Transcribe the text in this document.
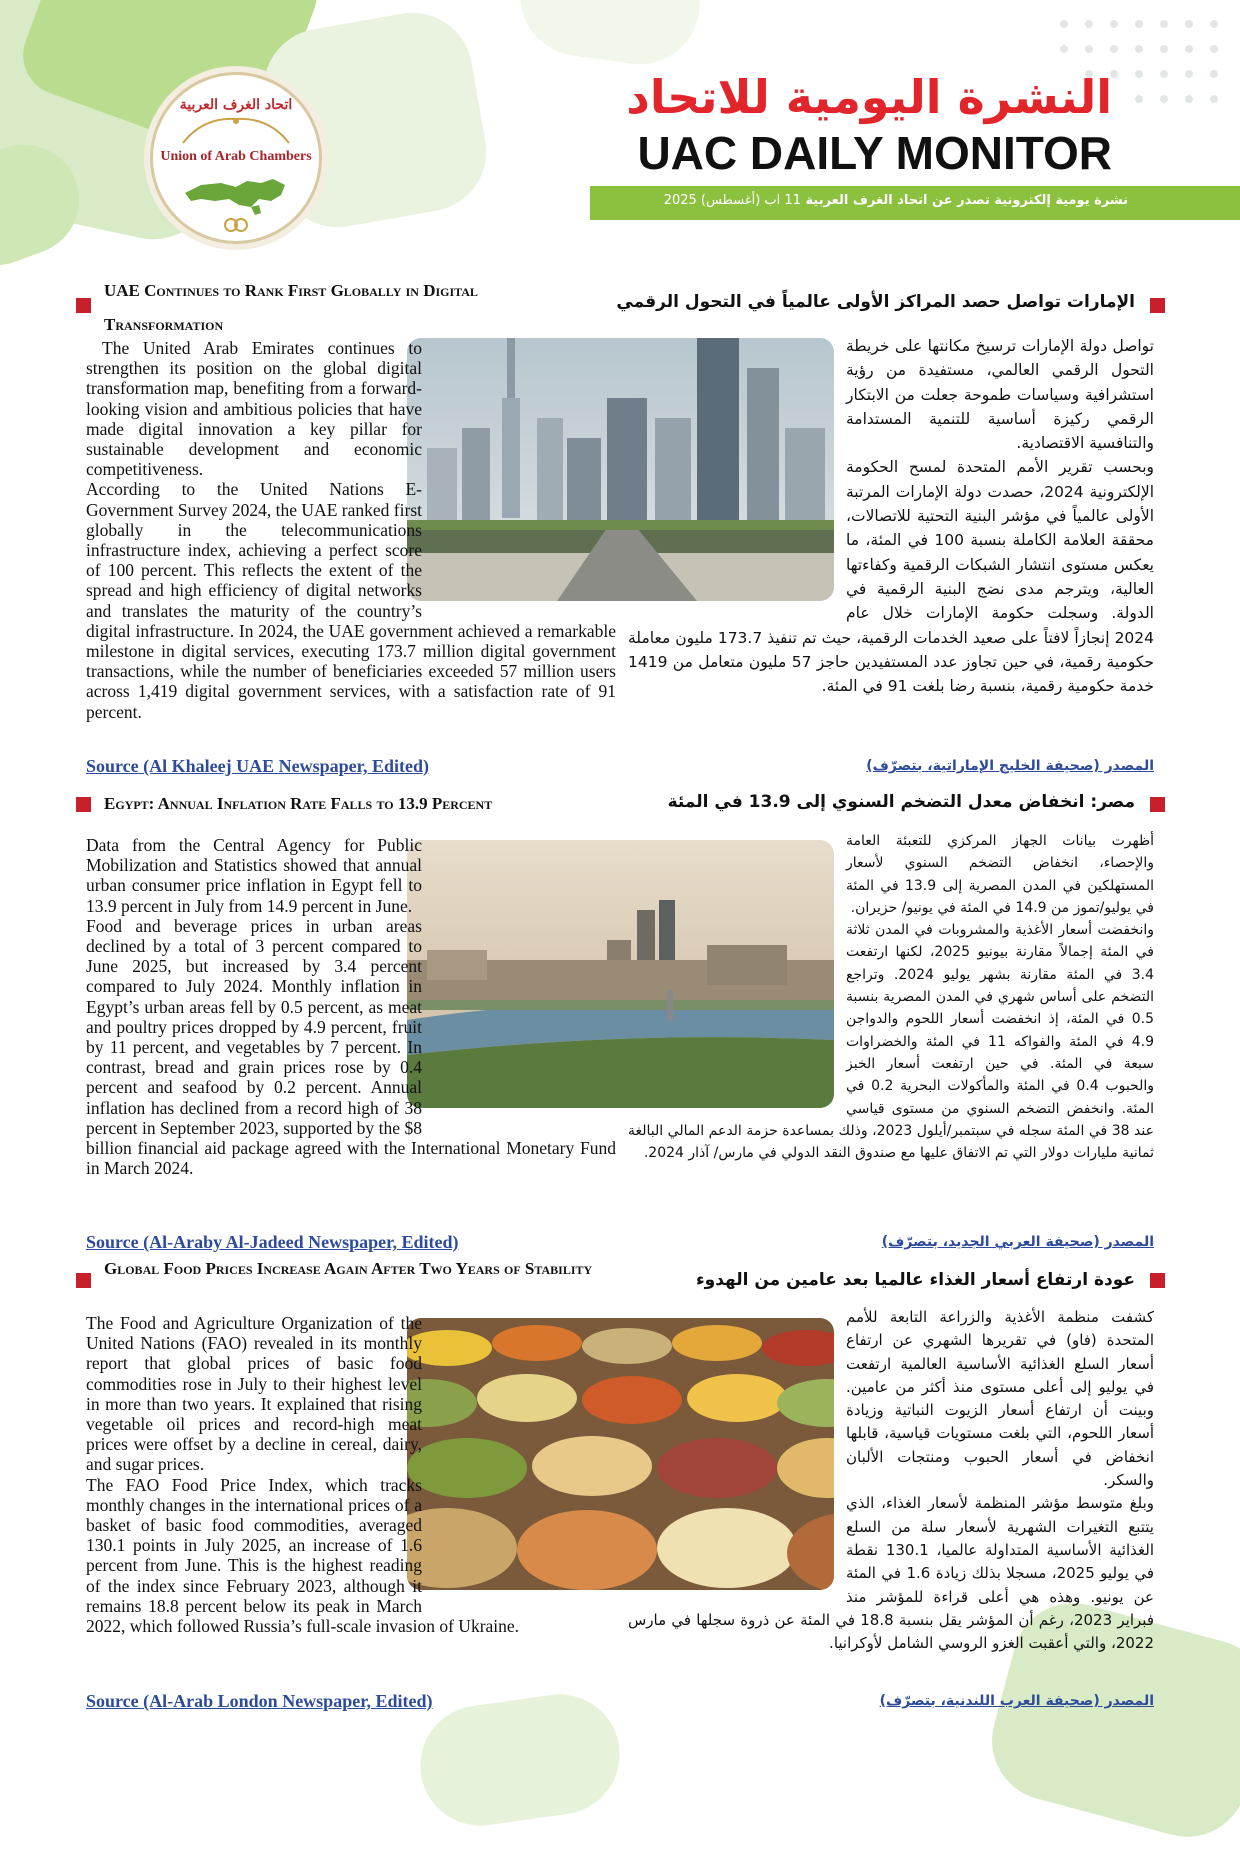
اتحاد الغرف العربية
Union of Arab Chambers
النشرة اليومية للاتحاد
UAC DAILY MONITOR
نشرة يومية إلكترونية تصدر عن اتحاد الغرف العربية 11 اب (أغسطس) 2025
UAE Continues to Rank First Globally in Digital Transformation
الإمارات تواصل حصد المراكز الأولى عالمياً في التحول الرقمي

The United Arab Emirates continues to strengthen its position on the global digital transformation map, benefiting from a forward-looking vision and ambitious policies that have made digital innovation a key pillar for sustainable development and economic competitiveness.

According to the United Nations E-Government Survey 2024, the UAE ranked first globally in the telecommunications infrastructure index, achieving a perfect score of 100 percent. This reflects the extent of the spread and high efficiency of digital networks and translates the maturity of the country’s digital infrastructure. In 2024, the UAE government achieved a remarkable milestone in digital services, executing 173.7 million digital government transactions, while the number of beneficiaries exceeded 57 million users across 1,419 digital government services, with a satisfaction rate of 91 percent.

Source (Al Khaleej UAE Newspaper, Edited)

تواصل دولة الإمارات ترسيخ مكانتها على خريطة التحول الرقمي العالمي، مستفيدة من رؤية استشرافية وسياسات طموحة جعلت من الابتكار الرقمي ركيزة أساسية للتنمية المستدامة والتنافسية الاقتصادية.

وبحسب تقرير الأمم المتحدة لمسح الحكومة الإلكترونية 2024، حصدت دولة الإمارات المرتبة الأولى عالمياً في مؤشر البنية التحتية للاتصالات، محققة العلامة الكاملة بنسبة 100 في المئة، ما يعكس مستوى انتشار الشبكات الرقمية وكفاءتها العالية، ويترجم مدى نضج البنية الرقمية في الدولة. وسجلت حكومة الإمارات خلال عام 2024 إنجازاً لافتاً على صعيد الخدمات الرقمية، حيث تم تنفيذ 173.7 مليون معاملة حكومية رقمية، في حين تجاوز عدد المستفيدين حاجز 57 مليون متعامل من 1419 خدمة حكومية رقمية، بنسبة رضا بلغت 91 في المئة.

المصدر (صحيفة الخليج الإماراتية، بتصرّف)
Egypt: Annual Inflation Rate Falls to 13.9 Percent	مصر: انخفاض معدل التضخم السنوي إلى 13.9 في المئة

Data from the Central Agency for Public Mobilization and Statistics showed that annual urban consumer price inflation in Egypt fell to 13.9 percent in July from 14.9 percent in June.

Food and beverage prices in urban areas declined by a total of 3 percent compared to June 2025, but increased by 3.4 percent compared to July 2024. Monthly inflation in Egypt’s urban areas fell by 0.5 percent, as meat and poultry prices dropped by 4.9 percent, fruit by 11 percent, and vegetables by 7 percent. In contrast, bread and grain prices rose by 0.4 percent and seafood by 0.2 percent. Annual inflation has declined from a record high of 38 percent in September 2023, supported by the $8 billion financial aid package agreed with the International Monetary Fund in March 2024.

Source (Al-Araby Al-Jadeed Newspaper, Edited)

أظهرت بيانات الجهاز المركزي للتعبئة العامة والإحصاء، انخفاض التضخم السنوي لأسعار المستهلكين في المدن المصرية إلى 13.9 في المئة في يوليو/تموز من 14.9 في المئة في يونيو/ حزيران.

وانخفضت أسعار الأغذية والمشروبات في المدن ثلاثة في المئة إجمالاً مقارنة بيونيو 2025، لكنها ارتفعت 3.4 في المئة مقارنة بشهر يوليو 2024. وتراجع التضخم على أساس شهري في المدن المصرية بنسبة 0.5 في المئة، إذ انخفضت أسعار اللحوم والدواجن 4.9 في المئة والفواكه 11 في المئة والخضراوات سبعة في المئة. في حين ارتفعت أسعار الخبز والحبوب 0.4 في المئة والمأكولات البحرية 0.2 في المئة. وانخفض التضخم السنوي من مستوى قياسي عند 38 في المئة سجله في سبتمبر/أيلول 2023، وذلك بمساعدة حزمة الدعم المالي البالغة ثمانية مليارات دولار التي تم الاتفاق عليها مع صندوق النقد الدولي في مارس/ آذار 2024.

المصدر (صحيفة العربي الجديد، بتصرّف)
Global Food Prices Increase Again After Two Years of Stability
عودة ارتفاع أسعار الغذاء عالميا بعد عامين من الهدوء

The Food and Agriculture Organization of the United Nations (FAO) revealed in its monthly report that global prices of basic food commodities rose in July to their highest level in more than two years. It explained that rising vegetable oil prices and record-high meat prices were offset by a decline in cereal, dairy, and sugar prices.

The FAO Food Price Index, which tracks monthly changes in the international prices of a basket of basic food commodities, averaged 130.1 points in July 2025, an increase of 1.6 percent from June. This is the highest reading of the index since February 2023, although it remains 18.8 percent below its peak in March 2022, which followed Russia’s full-scale invasion of Ukraine.

Source (Al-Arab London Newspaper, Edited)

كشفت منظمة الأغذية والزراعة التابعة للأمم المتحدة (فاو) في تقريرها الشهري عن ارتفاع أسعار السلع الغذائية الأساسية العالمية ارتفعت في يوليو إلى أعلى مستوى منذ أكثر من عامين. وبينت أن ارتفاع أسعار الزيوت النباتية وزيادة أسعار اللحوم، التي بلغت مستويات قياسية، قابلها انخفاض في أسعار الحبوب ومنتجات الألبان والسكر.

وبلغ متوسط مؤشر المنظمة لأسعار الغذاء، الذي يتتبع التغيرات الشهرية لأسعار سلة من السلع الغذائية الأساسية المتداولة عالميا، 130.1 نقطة في يوليو 2025، مسجلا بذلك زيادة 1.6 في المئة عن يونيو. وهذه هي أعلى قراءة للمؤشر منذ فبراير 2023، رغم أن المؤشر يقل بنسبة 18.8 في المئة عن ذروة سجلها في مارس 2022، والتي أعقبت الغزو الروسي الشامل لأوكرانيا.

المصدر (صحيفة العرب اللندنية، بتصرّف)
